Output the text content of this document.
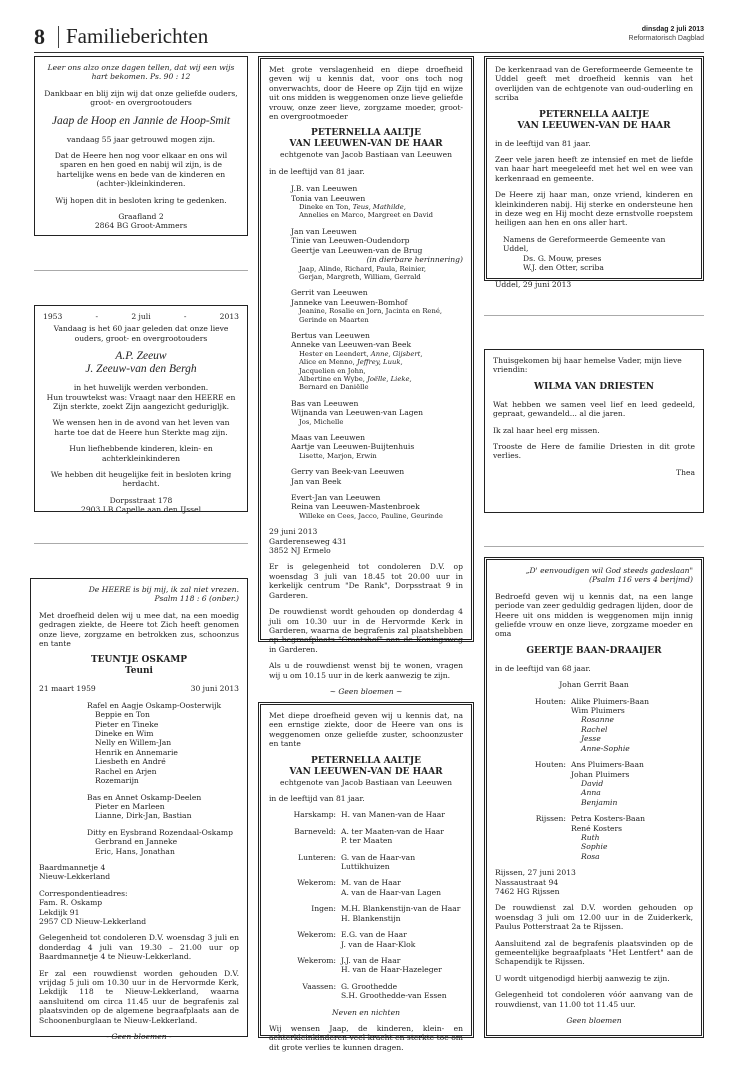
8 Familieberichten	dinsdag 2 juli 2013
Reformatorisch Dagblad
Leer ons alzo onze dagen tellen, dat wij een wijs hart bekomen. Ps. 90 : 12
Dankbaar en blij zijn wij dat onze geliefde ouders, groot- en overgrootouders
Jaap de Hoop en Jannie de Hoop-Smit
vandaag 55 jaar getrouwd mogen zijn.
Dat de Heere hen nog voor elkaar en ons wil sparen en hen goed en nabij wil zijn, is de hartelijke wens en bede van de kinderen en (achter-)kleinkinderen.
Wij hopen dit in besloten kring te gedenken.
Graafland 2
2864 BG Groot-Ammers
1953	-	2 juli	-	2013
Vandaag is het 60 jaar geleden dat onze lieve ouders, groot- en overgrootouders
A.P. Zeeuw
J. Zeeuw-van den Bergh
in het huwelijk werden verbonden.
Hun trouwtekst was: Vraagt naar den HEERE en Zijn sterkte, zoekt Zijn aangezicht gedurigljk.
We wensen hen in de avond van het leven van harte toe dat de Heere hun Sterkte mag zijn.
Hun liefhebbende kinderen, klein- en achterkleinkinderen
We hebben dit heugelijke feit in besloten kring herdacht.
Dorpsstraat 178
2903 LB Capelle aan den IJssel
De HEERE is bij mij, ik zal niet vrezen.
Psalm 118 : 6 (onber.)
Met droefheid delen wij u mee dat, na een moedig gedragen ziekte, de Heere tot Zich heeft genomen onze lieve, zorgzame en betrokken zus, schoonzus en tante
TEUNTJE OSKAMP
Teuni
21 maart 1959	30 juni 2013
Rafel en Aagje Oskamp-Oosterwijk
Beppie en Ton
Pieter en Tineke
Dineke en Wim
Nelly en Willem-Jan
Henrik en Annemarie
Liesbeth en André
Rachel en Arjen
Rozemarijn
Bas en Annet Oskamp-Deelen
Pieter en Marleen
Lianne, Dirk-Jan, Bastian
Ditty en Eysbrand Rozendaal-Oskamp
Gerbrand en Janneke
Eric, Hans, Jonathan
Baardmannetje 4
Nieuw-Lekkerland
Correspondentieadres:
Fam. R. Oskamp
Lekdijk 91
2957 CD Nieuw-Lekkerland
Gelegenheid tot condoleren D.V. woensdag 3 juli en donderdag 4 juli van 19.30 – 21.00 uur op Baardmannetje 4 te Nieuw-Lekkerland.
Er zal een rouwdienst worden gehouden D.V. vrijdag 5 juli om 10.30 uur in de Hervormde Kerk, Lekdijk 118 te Nieuw-Lekkerland, waarna aansluitend om circa 11.45 uur de begrafenis zal plaatsvinden op de algemene begraafplaats aan de Schoonenburglaan te Nieuw-Lekkerland.
- Geen bloemen -
Met grote verslagenheid en diepe droefheid geven wij u kennis dat, voor ons toch nog onverwachts, door de Heere op Zijn tijd en wijze uit ons midden is weggenomen onze lieve geliefde vrouw, onze zeer lieve, zorgzame moeder, groot- en overgrootmoeder
PETERNELLA AALTJE
VAN LEEUWEN-VAN DE HAAR
echtgenote van Jacob Bastiaan van Leeuwen
in de leeftijd van 81 jaar.
J.B. van Leeuwen
Tonia van Leeuwen
Dineke en Ton, Teus, Mathilde,
Annelies en Marco, Margreet en David
Jan van Leeuwen
Tinie van Leeuwen-Oudendorp
Geertje van Leeuwen-van de Brug
(in dierbare herinnering)
Jaap, Alinde, Richard, Paula, Reinier,
Gerjan, Margreth, William, Gerrald
Gerrit van Leeuwen
Janneke van Leeuwen-Bomhof
Jeanine, Rosalie en Jorn, Jacinta en René,
Gerinde en Maarten
Bertus van Leeuwen
Anneke van Leeuwen-van Beek
Hester en Leendert, Anne, Gijsbert,
Alice en Menno, Jeffrey, Luuk,
Jacquelien en John,
Albertine en Wybe, Joëlle, Lieke,
Bernard en Daniëlle
Bas van Leeuwen
Wijnanda van Leeuwen-van Lagen
Jos, Michelle
Maas van Leeuwen
Aartje van Leeuwen-Buijtenhuis
Lisette, Marjon, Erwin
Gerry van Beek-van Leeuwen
Jan van Beek
Evert-Jan van Leeuwen
Reina van Leeuwen-Mastenbroek
Willeke en Cees, Jacco, Pauline, Geurinde
29 juni 2013
Garderenseweg 431
3852 NJ Ermelo
Er is gelegenheid tot condoleren D.V. op woensdag 3 juli van 18.45 tot 20.00 uur in kerkelijk centrum "De Rank", Dorpsstraat 9 in Garderen.
De rouwdienst wordt gehouden op donderdag 4 juli om 10.30 uur in de Hervormde Kerk in Garderen, waarna de begrafenis zal plaatshebben op begraafplaats "Craatshof" aan de Koningsweg in Garderen.
Als u de rouwdienst wenst bij te wonen, vragen wij u om 10.15 uur in de kerk aanwezig te zijn.
~ Geen bloemen ~
Met diepe droefheid geven wij u kennis dat, na een ernstige ziekte, door de Heere van ons is weggenomen onze geliefde zuster, schoonzuster en tante
PETERNELLA AALTJE
VAN LEEUWEN-VAN DE HAAR
echtgenote van Jacob Bastiaan van Leeuwen
in de leeftijd van 81 jaar.
Harskamp: H. van Manen-van de Haar
Barneveld: A. ter Maaten-van de Haar
P. ter Maaten
Lunteren: G. van de Haar-van Luttikhuizen
Wekerom: M. van de Haar
A. van de Haar-van Lagen
Ingen: M.H. Blankenstijn-van de Haar
H. Blankenstijn
Wekerom: E.G. van de Haar
J. van de Haar-Klok
Wekerom: J.J. van de Haar
H. van de Haar-Hazeleger
Vaassen: G. Groothedde
S.H. Groothedde-van Essen
Neven en nichten
Wij wensen Jaap, de kinderen, klein- en achterkleinkinderen veel kracht en sterkte toe om dit grote verlies te kunnen dragen.
De kerkenraad van de Gereformeerde Gemeente te Uddel geeft met droefheid kennis van het overlijden van de echtgenote van oud-ouderling en scriba
PETERNELLA AALTJE
VAN LEEUWEN-VAN DE HAAR
in de leeftijd van 81 jaar.
Zeer vele jaren heeft ze intensief en met de liefde van haar hart meegeleefd met het wel en wee van kerkenraad en gemeente.
De Heere zij haar man, onze vriend, kinderen en kleinkinderen nabij. Hij sterke en ondersteune hen in deze weg en Hij mocht deze ernstvolle roepstem heiligen aan hen en ons aller hart.
Namens de Gereformeerde Gemeente van Uddel,
Ds. G. Mouw, preses
W.J. den Otter, scriba
Uddel, 29 juni 2013
Thuisgekomen bij haar hemelse Vader, mijn lieve vriendin:
WILMA VAN DRIESTEN
Wat hebben we samen veel lief en leed gedeeld, gepraat, gewandeld... al die jaren.
Ik zal haar heel erg missen.
Trooste de Here de familie Driesten in dit grote verlies.
Thea
„D' eenvoudigen wil God steeds gadeslaan"
(Psalm 116 vers 4 berijmd)
Bedroefd geven wij u kennis dat, na een lange periode van zeer geduldig gedragen lijden, door de Heere uit ons midden is weggenomen mijn innig geliefde vrouw en onze lieve, zorgzame moeder en oma
GEERTJE BAAN-DRAAIJER
in de leeftijd van 68 jaar.
Johan Gerrit Baan
Houten: Alike Pluimers-Baan
Wim Pluimers
Rosanne
Rachel
Jesse
Anne-Sophie
Houten: Ans Pluimers-Baan
Johan Pluimers
David
Anna
Benjamin
Rijssen: Petra Kosters-Baan
René Kosters
Ruth
Sophie
Rosa
Rijssen, 27 juni 2013
Nassaustraat 94
7462 HG Rijssen
De rouwdienst zal D.V. worden gehouden op woensdag 3 juli om 12.00 uur in de Zuiderkerk, Paulus Potterstraat 2a te Rijssen.
Aansluitend zal de begrafenis plaatsvinden op de gemeentelijke begraafplaats "Het Lentfert" aan de Schapendijk te Rijssen.
U wordt uitgenodigd hierbij aanwezig te zijn.
Gelegenheid tot condoleren vóór aanvang van de rouwdienst, van 11.00 tot 11.45 uur.
Geen bloemen
